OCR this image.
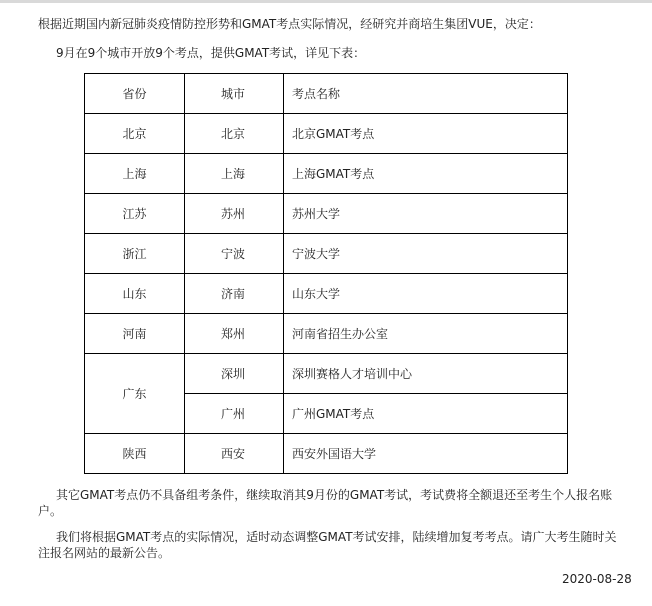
根据近期国内新冠肺炎疫情防控形势和GMAT考点实际情况，经研究并商培生集团VUE，决定：
9月在9个城市开放9个考点，提供GMAT考试，详见下表：
省份	城市	考点名称
北京	北京	北京GMAT考点
上海	上海	上海GMAT考点
江苏	苏州	苏州大学
浙江	宁波	宁波大学
山东	济南	山东大学
河南	郑州	河南省招生办公室
广东	深圳	深圳赛格人才培训中心
	广州	广州GMAT考点
陕西	西安	西安外国语大学
其它GMAT考点仍不具备组考条件，继续取消其9月份的GMAT考试，考试费将全额退还至考生个人报名账户。
我们将根据GMAT考点的实际情况，适时动态调整GMAT考试安排，陆续增加复考考点。请广大考生随时关注报名网站的最新公告。
2020-08-28
